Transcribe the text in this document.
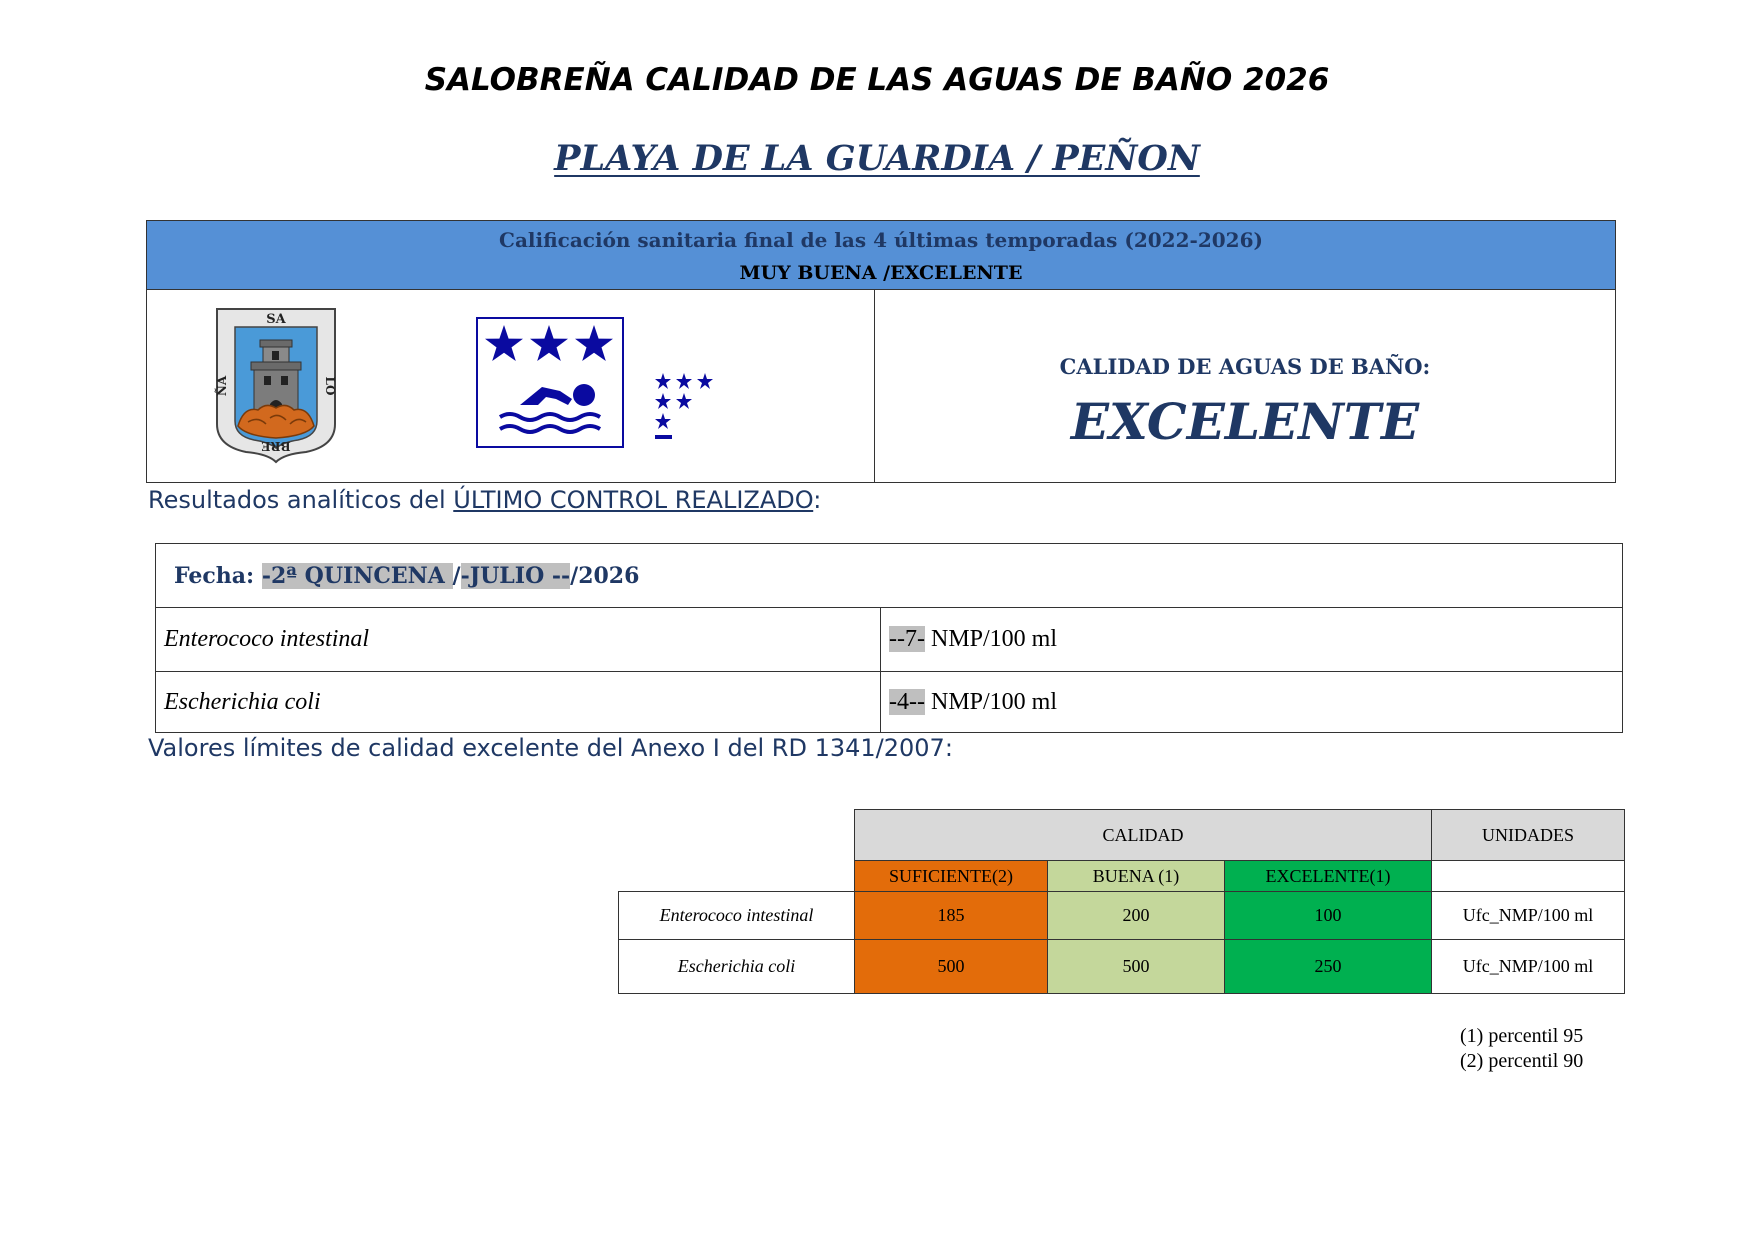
SALOBREÑA CALIDAD DE LAS AGUAS DE BAÑO 2026
PLAYA DE LA GUARDIA / PEÑON
Calificación sanitaria final de las 4 últimas temporadas (2022-2026)
MUY BUENA /EXCELENTE
SA
ÑA	LO
BRE
CALIDAD DE AGUAS DE BAÑO:
EXCELENTE
Resultados analíticos del ÚLTIMO CONTROL REALIZADO:
Fecha: -2ª QUINCENA /-JULIO --/2026	
Enterococo intestinal	--7- NMP/100 ml
Escherichia coli	-4-- NMP/100 ml
Valores límites de calidad excelente del Anexo I del RD 1341/2007:
	CALIDAD			UNIDADES
	SUFICIENTE(2)	BUENA (1)	EXCELENTE(1)	
Enterococo intestinal	185	200	100	Ufc_NMP/100 ml
Escherichia coli	500	500	250	Ufc_NMP/100 ml
(1) percentil 95
(2) percentil 90
